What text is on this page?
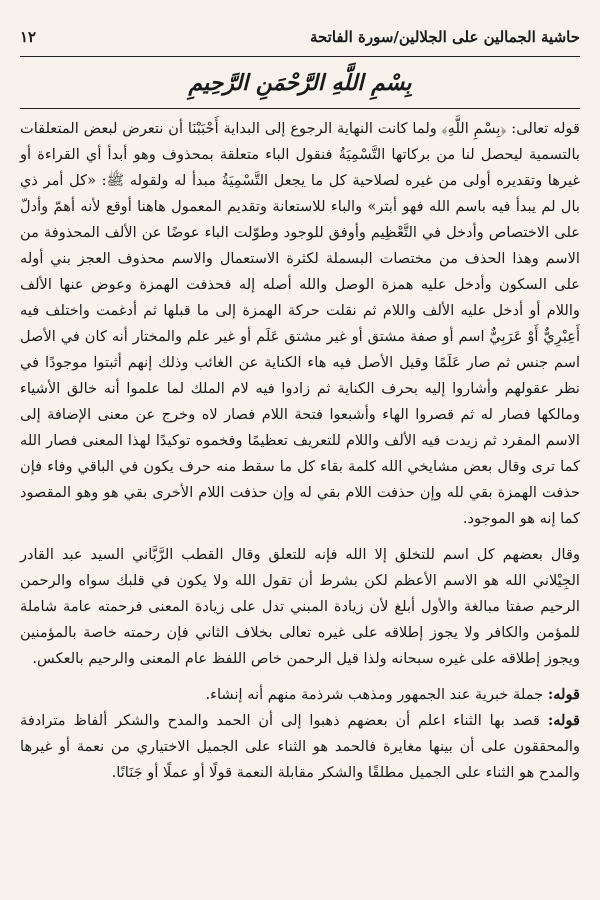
حاشية الجمالين على الجلالين/سورة الفاتحة
١٢
بِسْمِ اللَّهِ الرَّحْمَنِ الرَّحِيمِ

قوله تعالى: ﴿بِسْمِ اللَّهِ﴾ ولما كانت النهاية الرجوع إلى البداية أَحْبَبْنَا أن نتعرض لبعض المتعلقات بالتسمية ليحصل لنا من بركاتها التَّسْمِيَةُ فنقول الباء متعلقة بمحذوف وهو أبدأ أي القراءة أو غيرها وتقديره أولى من غيره لصلاحية كل ما يجعل التَّسْمِيَةُ مبدأ له ولقوله ﷺ: «كل أمر ذي بال لم يبدأ فيه باسم الله فهو أبتر» والباء للاستعانة وتقديم المعمول هاهنا أوقع لأنه أهمّ وأدلّ على الاختصاص وأدخل في التَّعْظِيم وأوفق للوجود وطوّلت الباء عوضًا عن الألف المحذوفة من الاسم وهذا الحذف من مختصات البسملة لكثرة الاستعمال والاسم محذوف العجز بني أوله على السكون وأدخل عليه همزة الوصل والله أصله إله فحذفت الهمزة وعوض عنها الألف واللام أو أدخل عليه الألف واللام ثم نقلت حركة الهمزة إلى ما قبلها ثم أدغمت واختلف فيه أَعِبْرِيٌّ أَوْ عَرَبِيٌّ اسم أو صفة مشتق أو غير مشتق عَلَم أو غير علم والمختار أنه كان في الأصل اسم جنس ثم صار عَلَمًا وقيل الأصل فيه هاء الكناية عن الغائب وذلك إنهم أثبتوا موجودًا في نظر عقولهم وأشاروا إليه بحرف الكناية ثم زادوا فيه لام الملك لما علموا أنه خالق الأشياء ومالكها فصار له ثم قصروا الهاء وأشبعوا فتحة اللام فصار لاه وخرج عن معنى الإضافة إلى الاسم المفرد ثم زيدت فيه الألف واللام للتعريف تعظيمًا وفخموه توكيدًا لهذا المعنى فصار الله كما ترى وقال بعض مشايخي الله كلمة بقاء كل ما سقط منه حرف يكون في الباقي وفاء فإن حذفت الهمزة بقي لله وإن حذفت اللام بقي له وإن حذفت اللام الأخرى بقي هو وهو المقصود كما إنه هو الموجود.

وقال بعضهم كل اسم للتخلق إلا الله فإنه للتعلق وقال القطب الرَّبَّاني السيد عبد القادر الجِيْلاني الله هو الاسم الأعظم لكن بشرط أن تقول الله ولا يكون في قلبك سواه والرحمن الرحيم صفتا مبالغة والأول أبلغ لأن زيادة المبني تدل على زيادة المعنى فرحمته عامة شاملة للمؤمن والكافر ولا يجوز إطلاقه على غيره تعالى بخلاف الثاني فإن رحمته خاصة بالمؤمنين ويجوز إطلاقه على غيره سبحانه ولذا قيل الرحمن خاص اللفظ عام المعنى والرحيم بالعكس.

قوله: جملة خبرية عند الجمهور ومذهب شرذمة منهم أنه إنشاء.

قوله: قصد بها الثناء اعلم أن بعضهم ذهبوا إلى أن الحمد والمدح والشكر ألفاظ مترادفة والمحققون على أن بينها مغايرة فالحمد هو الثناء على الجميل الاختياري من نعمة أو غيرها والمدح هو الثناء على الجميل مطلقًا والشكر مقابلة النعمة قولًا أو عملًا أو جَنَانًا.
